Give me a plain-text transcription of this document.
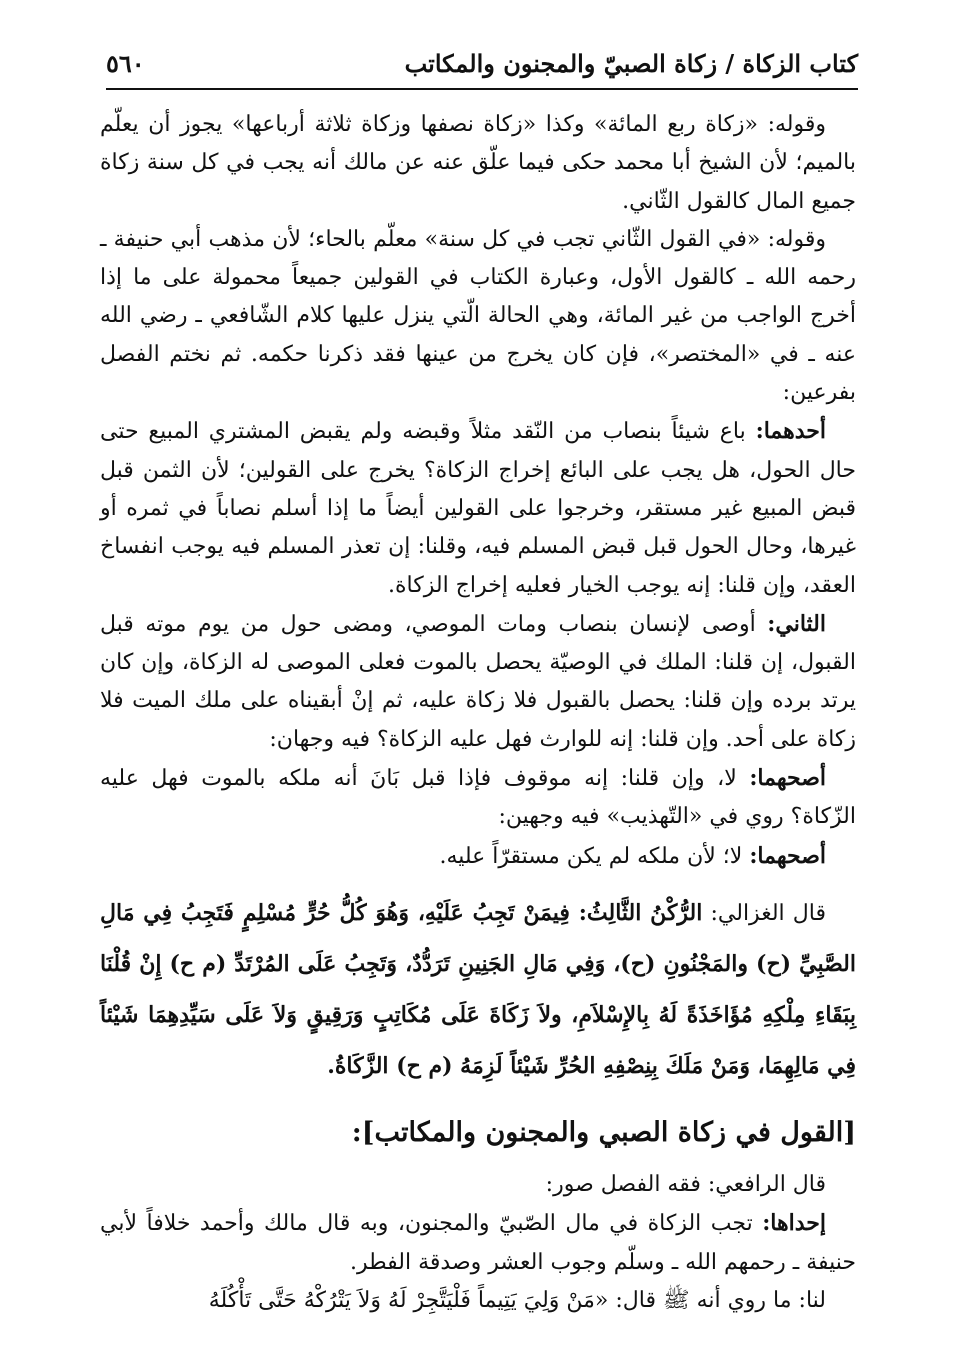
كتاب الزكاة / زكاة الصبيّ والمجنون والمكاتب
٥٦٠

وقوله: «زكاة ربع المائة» وكذا «زكاة نصفها وزكاة ثلاثة أرباعها» يجوز أن يعلّم بالميم؛ لأن الشيخ أبا محمد حكى فيما علّق عنه عن مالك أنه يجب في كل سنة زكاة جميع المال كالقول الثّاني.

وقوله: «في القول الثّاني تجب في كل سنة» معلّم بالحاء؛ لأن مذهب أبي حنيفة ـ رحمه الله ـ كالقول الأول، وعبارة الكتاب في القولين جميعاً محمولة على ما إذا أخرج الواجب من غير المائة، وهي الحالة الّتي ينزل عليها كلام الشّافعي ـ رضي الله عنه ـ في «المختصر»، فإن كان يخرج من عينها فقد ذكرنا حكمه. ثم نختم الفصل بفرعين:

أحدهما: باع شيئاً بنصاب من النّقد مثلاً وقبضه ولم يقبض المشتري المبيع حتى حال الحول، هل يجب على البائع إخراج الزكاة؟ يخرج على القولين؛ لأن الثمن قبل قبض المبيع غير مستقر، وخرجوا على القولين أيضاً ما إذا أسلم نصاباً في ثمره أو غيرها، وحال الحول قبل قبض المسلم فيه، وقلنا: إن تعذر المسلم فيه يوجب انفساخ العقد، وإن قلنا: إنه يوجب الخيار فعليه إخراج الزكاة.

الثاني: أوصى لإنسان بنصاب ومات الموصي، ومضى حول من يوم موته قبل القبول، إن قلنا: الملك في الوصيّة يحصل بالموت فعلى الموصى له الزكاة، وإن كان يرتد برده وإن قلنا: يحصل بالقبول فلا زكاة عليه، ثم إنْ أبقيناه على ملك الميت فلا زكاة على أحد. وإن قلنا: إنه للوارث فهل عليه الزكاة؟ فيه وجهان:

أصحهما: لا، وإن قلنا: إنه موقوف فإذا قبل بَانَ أنه ملكه بالموت فهل عليه الزّكاة؟ روي في «التّهذيب» فيه وجهين:

أصحهما: لا؛ لأن ملكه لم يكن مستقرّاً عليه.

قال الغزالي: الرُّكْنُ الثَّالِثُ: فِيمَنْ تَجِبُ عَلَيْهِ، وَهُوَ كُلُّ حُرٍّ مُسْلِمٍ فَتَجِبُ فِي مَالِ الصَّبِيِّ (ح) والمَجْنُونِ (ح)، وَفِي مَالِ الجَنِينِ تَرَدُّدٌ، وَتَجِبُ عَلَى المُرْتَدِّ (م ح) إِنْ قُلْنَا بِبَقَاءِ مِلْكِهِ مُؤَاخَذَةً لَهُ بِالإِسْلاَمِ، ولاَ زَكَاةَ عَلَى مُكَاتِبٍ وَرَقِيقٍ وَلاَ عَلَى سَيِّدِهِمَا شَيْئاً فِي مَالِهِمَا، وَمَنْ مَلَكَ بِنِصْفِهِ الحُرِّ شَيْئاً لَزِمَهُ (م ح) الزَّكَاةُ.

[القول في زكاة الصبي والمجنون والمكاتب]:

قال الرافعي: فقه الفصل صور:

إحداها: تجب الزكاة في مال الصّبيّ والمجنون، وبه قال مالك وأحمد خلافاً لأبي حنيفة ـ رحمهم الله ـ وسلّم وجوب العشر وصدقة الفطر.

لنا: ما روي أنه ﷺ قال: «مَنْ وَلِيَ يَتِيماً فَلْيَتَّجِرْ لَهُ وَلاَ يَتْرُكْهُ حَتَّى تَأْكُلَهُ
